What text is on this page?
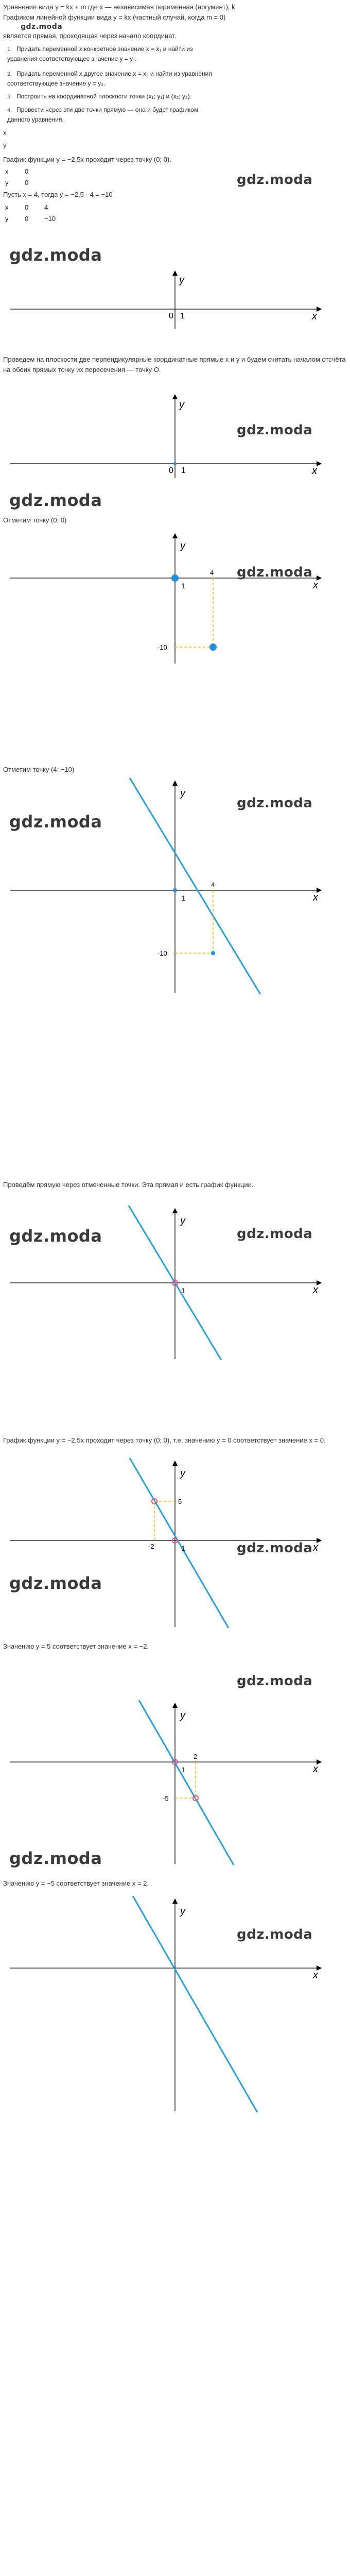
Уравнение вида y = kx + m где x — независимая переменная (аргумент), k
Графиком линейной функции вида y = kx (частный случай, когда m = 0)
gdz.moda
является прямая, проходящая через начало координат.
1. Придать переменной x конкретное значение x = x₁ и найти из уравнения соответствующее значение y = y₁.
2. Придать переменной x другое значение x = x₂ и найти из уравнения соответствующее значение y = y₂.
3. Построить на координатной плоскости точки (x₁; y₁) и (x₂; y₂).
4. Провести через эти две точки прямую — она и будет графиком данного уравнения.
x
y
График функции y = −2,5x проходит через точку (0; 0).
x 0
y 0	gdz.moda
Пусть x = 4, тогда y = −2,5 · 4 = −10
x 0 4
y 0 −10
gdz.moda
0 1	x
y
Проведем на плоскости две перпендикулярные координатные прямые x и y и будем считать началом отсчёта на обеих прямых точку их пересечения — точку O.
gdz.moda
0 1	x
y
gdz.moda
Отметим точку (0; 0)
4
-10
1	x
y
gdz.moda
Отметим точку (4; −10)
gdz.moda
gdz.moda
4
-10
1	x
y
Проведём прямую через отмеченные точки. Эта прямая и есть график функции.
gdz.moda	gdz.moda
1	x
y
График функции y = −2,5x проходит через точку (0; 0), т.е. значению y = 0 соответствует значение x = 0.
5
-2	1	x
y
gdz.moda
gdz.moda
Значению y = 5 соответствует значение x = −2.
gdz.moda
2
-5
1	x
y
gdz.moda
Значению y = −5 соответствует значение x = 2.
x
y
gdz.moda
